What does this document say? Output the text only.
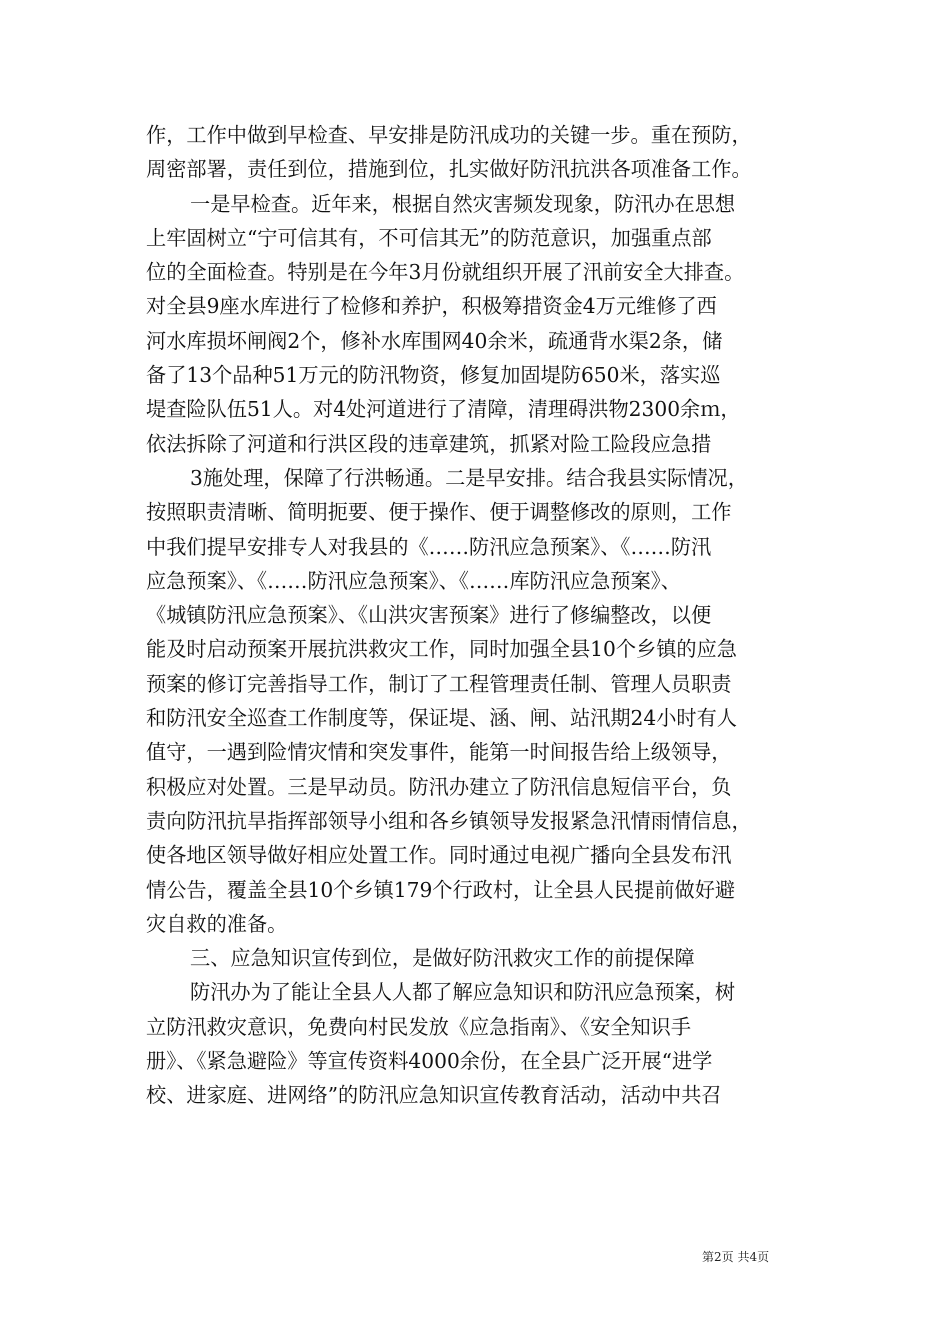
作，工作中做到早检查、早安排是防汛成功的关键一步。重在预防，
周密部署，责任到位，措施到位，扎实做好防汛抗洪各项准备工作。
一是早检查。近年来，根据自然灾害频发现象，防汛办在思想
上牢固树立“宁可信其有，不可信其无”的防范意识，加强重点部
位的全面检查。特别是在今年3月份就组织开展了汛前安全大排查。
对全县9座水库进行了检修和养护，积极筹措资金4万元维修了西
河水库损坏闸阀2个，修补水库围网40余米，疏通背水渠2条，储
备了13个品种51万元的防汛物资，修复加固堤防650米，落实巡
堤查险队伍51人。对4处河道进行了清障，清理碍洪物2300余ｍ，
依法拆除了河道和行洪区段的违章建筑，抓紧对险工险段应急措
3施处理，保障了行洪畅通。二是早安排。结合我县实际情况，
按照职责清晰、简明扼要、便于操作、便于调整修改的原则，工作
中我们提早安排专人对我县的《……防汛应急预案》、《……防汛
应急预案》、《……防汛应急预案》、《……库防汛应急预案》、
《城镇防汛应急预案》、《山洪灾害预案》进行了修编整改，以便
能及时启动预案开展抗洪救灾工作，同时加强全县10个乡镇的应急
预案的修订完善指导工作，制订了工程管理责任制、管理人员职责
和防汛安全巡查工作制度等，保证堤、涵、闸、站汛期24小时有人
值守，一遇到险情灾情和突发事件，能第一时间报告给上级领导，
积极应对处置。三是早动员。防汛办建立了防汛信息短信平台，负
责向防汛抗旱指挥部领导小组和各乡镇领导发报紧急汛情雨情信息，
使各地区领导做好相应处置工作。同时通过电视广播向全县发布汛
情公告，覆盖全县10个乡镇179个行政村，让全县人民提前做好避
灾自救的准备。
三、应急知识宣传到位，是做好防汛救灾工作的前提保障
防汛办为了能让全县人人都了解应急知识和防汛应急预案，树
立防汛救灾意识，免费向村民发放《应急指南》、《安全知识手
册》、《紧急避险》等宣传资料4000余份，在全县广泛开展“进学
校、进家庭、进网络”的防汛应急知识宣传教育活动，活动中共召
第2页 共4页
